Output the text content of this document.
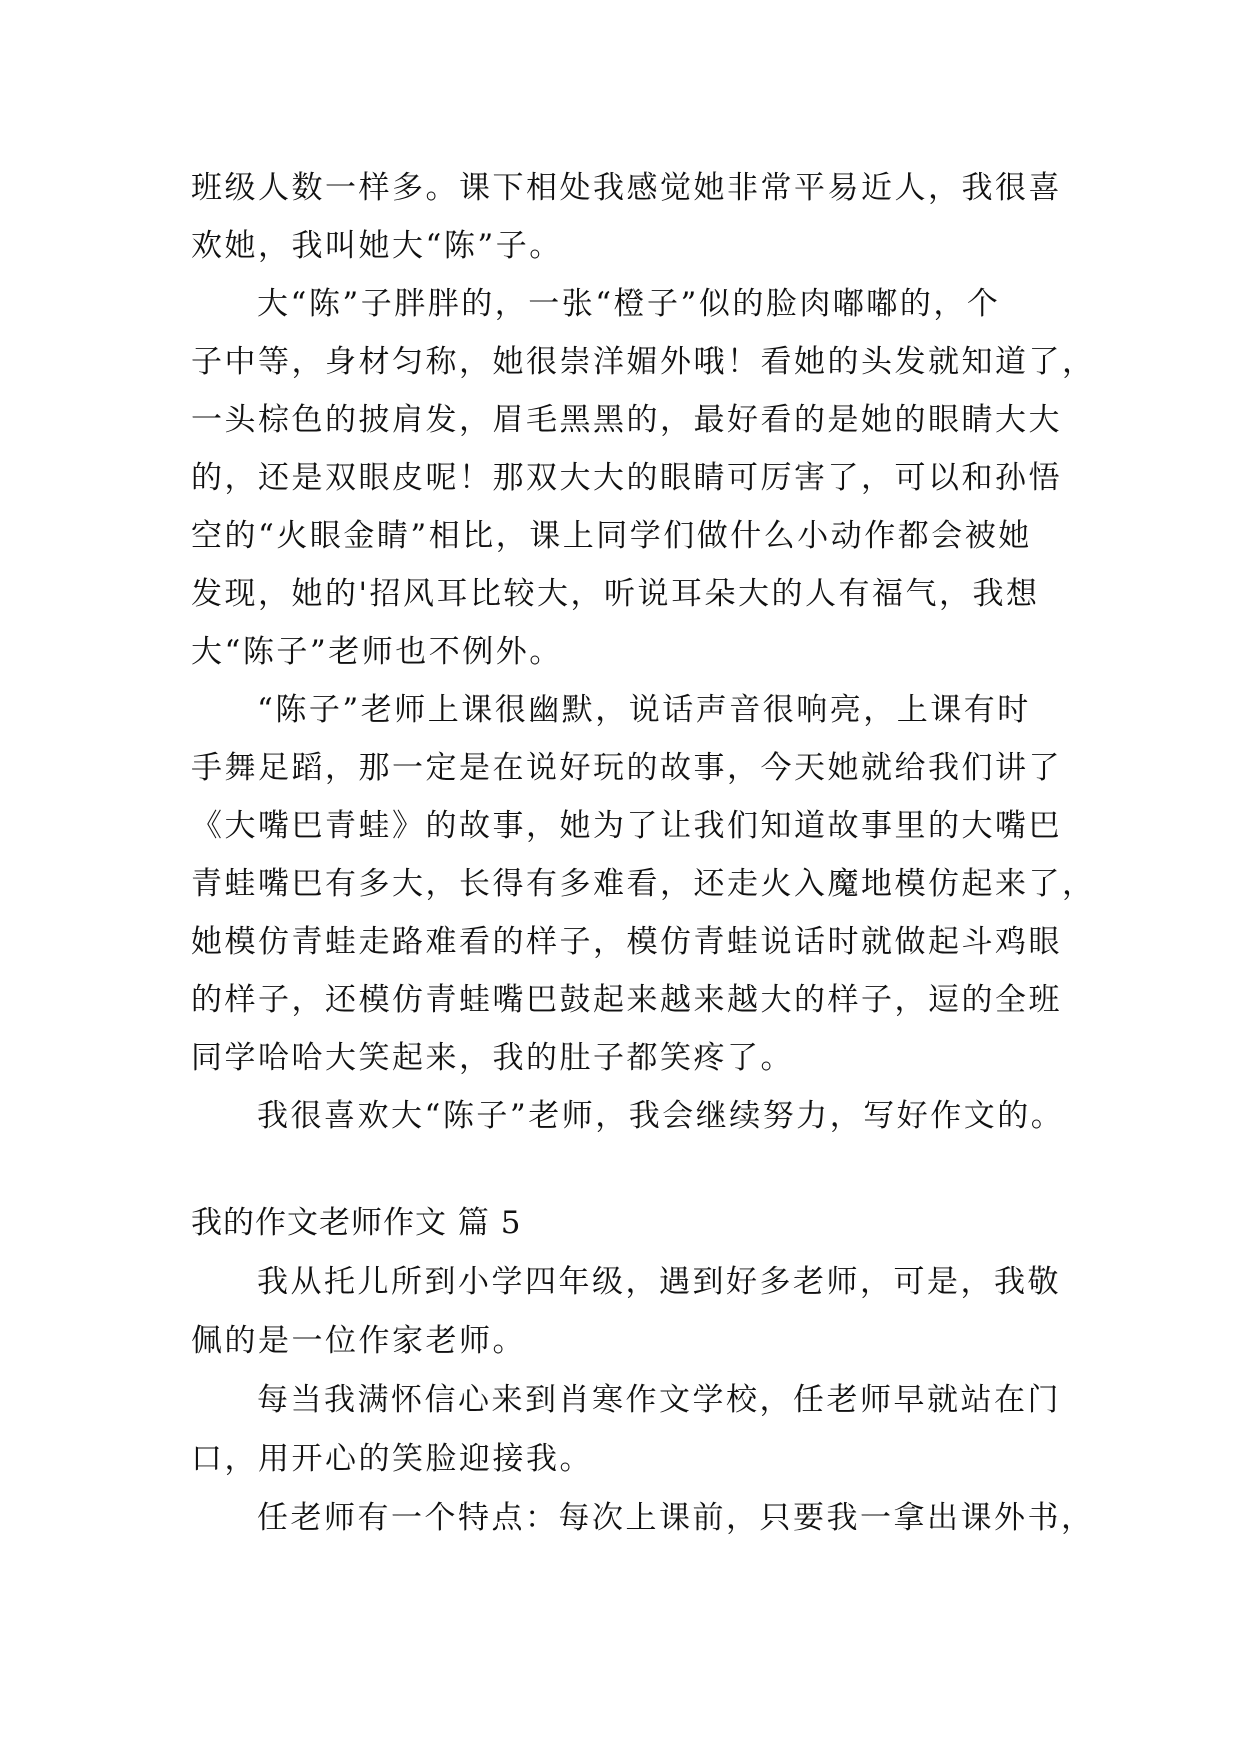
班级人数一样多。课下相处我感觉她非常平易近人，我很喜
欢她，我叫她大“陈”子。
大“陈”子胖胖的，一张“橙子”似的脸肉嘟嘟的，个
子中等，身材匀称，她很崇洋媚外哦！看她的头发就知道了，
一头棕色的披肩发，眉毛黑黑的，最好看的是她的眼睛大大
的，还是双眼皮呢！那双大大的眼睛可厉害了，可以和孙悟
空的“火眼金睛”相比，课上同学们做什么小动作都会被她
发现，她的'招风耳比较大，听说耳朵大的人有福气，我想
大“陈子”老师也不例外。
“陈子”老师上课很幽默，说话声音很响亮，上课有时
手舞足蹈，那一定是在说好玩的故事，今天她就给我们讲了
《大嘴巴青蛙》的故事，她为了让我们知道故事里的大嘴巴
青蛙嘴巴有多大，长得有多难看，还走火入魔地模仿起来了，
她模仿青蛙走路难看的样子，模仿青蛙说话时就做起斗鸡眼
的样子，还模仿青蛙嘴巴鼓起来越来越大的样子，逗的全班
同学哈哈大笑起来，我的肚子都笑疼了。
我很喜欢大“陈子”老师，我会继续努力，写好作文的。
我的作文老师作文 篇 5
我从托儿所到小学四年级，遇到好多老师，可是，我敬
佩的是一位作家老师。
每当我满怀信心来到肖寒作文学校，任老师早就站在门
口，用开心的笑脸迎接我。
任老师有一个特点：每次上课前，只要我一拿出课外书，
